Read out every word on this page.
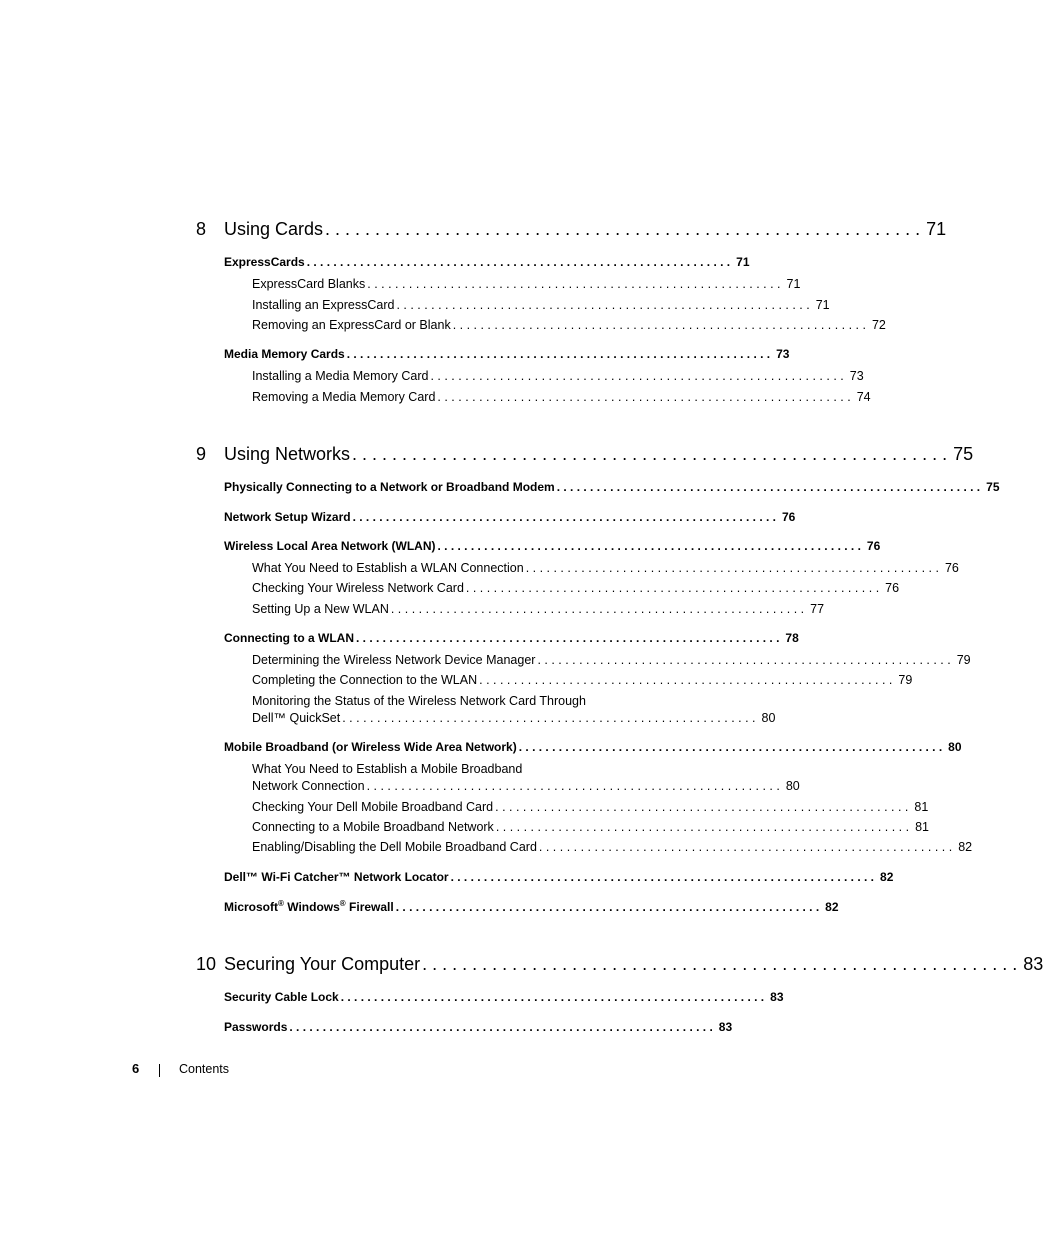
8 Using Cards . . . . . . . . . . . . . . . . . . . . . . . . . . . . . . . . . . . . . . . . . . . . . . . . . . . . . . . . . . . . 71
ExpressCards . . . . . . . . . . . . . . . . . . . . . . . . . . . . . . . . . . . . . . . . . . . . . . . . . . . . . . . . . . . . . . . . 71
ExpressCard Blanks . . . . . . . . . . . . . . . . . . . . . . . . . . . . . . . . . . . . . . . . . . . . . . . . . . . . . . . . . . . . 71
Installing an ExpressCard . . . . . . . . . . . . . . . . . . . . . . . . . . . . . . . . . . . . . . . . . . . . . . . . . . . . . . . . . . . . 71
Removing an ExpressCard or Blank . . . . . . . . . . . . . . . . . . . . . . . . . . . . . . . . . . . . . . . . . . . . . . . . . . . . . . . . . . . . 72
Media Memory Cards . . . . . . . . . . . . . . . . . . . . . . . . . . . . . . . . . . . . . . . . . . . . . . . . . . . . . . . . . . . . . . . . 73
Installing a Media Memory Card . . . . . . . . . . . . . . . . . . . . . . . . . . . . . . . . . . . . . . . . . . . . . . . . . . . . . . . . . . . . 73
Removing a Media Memory Card . . . . . . . . . . . . . . . . . . . . . . . . . . . . . . . . . . . . . . . . . . . . . . . . . . . . . . . . . . . . 74
9 Using Networks . . . . . . . . . . . . . . . . . . . . . . . . . . . . . . . . . . . . . . . . . . . . . . . . . . . . . . . . . . . . 75
Physically Connecting to a Network or Broadband Modem . . . . . . . . . . . . . . . . . . . . . . . . . . . . . . . . . . . . . . . . . . . . . . . . . . . . . . . . . . . . . . . . 75
Network Setup Wizard . . . . . . . . . . . . . . . . . . . . . . . . . . . . . . . . . . . . . . . . . . . . . . . . . . . . . . . . . . . . . . . . 76
Wireless Local Area Network (WLAN) . . . . . . . . . . . . . . . . . . . . . . . . . . . . . . . . . . . . . . . . . . . . . . . . . . . . . . . . . . . . . . . . 76
What You Need to Establish a WLAN Connection . . . . . . . . . . . . . . . . . . . . . . . . . . . . . . . . . . . . . . . . . . . . . . . . . . . . . . . . . . . . 76
Checking Your Wireless Network Card . . . . . . . . . . . . . . . . . . . . . . . . . . . . . . . . . . . . . . . . . . . . . . . . . . . . . . . . . . . . 76
Setting Up a New WLAN . . . . . . . . . . . . . . . . . . . . . . . . . . . . . . . . . . . . . . . . . . . . . . . . . . . . . . . . . . . . 77
Connecting to a WLAN . . . . . . . . . . . . . . . . . . . . . . . . . . . . . . . . . . . . . . . . . . . . . . . . . . . . . . . . . . . . . . . . 78
Determining the Wireless Network Device Manager . . . . . . . . . . . . . . . . . . . . . . . . . . . . . . . . . . . . . . . . . . . . . . . . . . . . . . . . . . . . 79
Completing the Connection to the WLAN . . . . . . . . . . . . . . . . . . . . . . . . . . . . . . . . . . . . . . . . . . . . . . . . . . . . . . . . . . . . 79
Monitoring the Status of the Wireless Network Card Through
Dell™ QuickSet . . . . . . . . . . . . . . . . . . . . . . . . . . . . . . . . . . . . . . . . . . . . . . . . . . . . . . . . . . . . 80
Mobile Broadband (or Wireless Wide Area Network) . . . . . . . . . . . . . . . . . . . . . . . . . . . . . . . . . . . . . . . . . . . . . . . . . . . . . . . . . . . . . . . . 80
What You Need to Establish a Mobile Broadband
Network Connection . . . . . . . . . . . . . . . . . . . . . . . . . . . . . . . . . . . . . . . . . . . . . . . . . . . . . . . . . . . . 80
Checking Your Dell Mobile Broadband Card . . . . . . . . . . . . . . . . . . . . . . . . . . . . . . . . . . . . . . . . . . . . . . . . . . . . . . . . . . . . 81
Connecting to a Mobile Broadband Network . . . . . . . . . . . . . . . . . . . . . . . . . . . . . . . . . . . . . . . . . . . . . . . . . . . . . . . . . . . . 81
Enabling/Disabling the Dell Mobile Broadband Card . . . . . . . . . . . . . . . . . . . . . . . . . . . . . . . . . . . . . . . . . . . . . . . . . . . . . . . . . . . . 82
Dell™ Wi-Fi Catcher™ Network Locator . . . . . . . . . . . . . . . . . . . . . . . . . . . . . . . . . . . . . . . . . . . . . . . . . . . . . . . . . . . . . . . . 82
Microsoft® Windows® Firewall . . . . . . . . . . . . . . . . . . . . . . . . . . . . . . . . . . . . . . . . . . . . . . . . . . . . . . . . . . . . . . . . 82
10 Securing Your Computer . . . . . . . . . . . . . . . . . . . . . . . . . . . . . . . . . . . . . . . . . . . . . . . . . . . . . . . . . . . . 83
Security Cable Lock . . . . . . . . . . . . . . . . . . . . . . . . . . . . . . . . . . . . . . . . . . . . . . . . . . . . . . . . . . . . . . . . 83
Passwords . . . . . . . . . . . . . . . . . . . . . . . . . . . . . . . . . . . . . . . . . . . . . . . . . . . . . . . . . . . . . . . . 83
6	Contents
